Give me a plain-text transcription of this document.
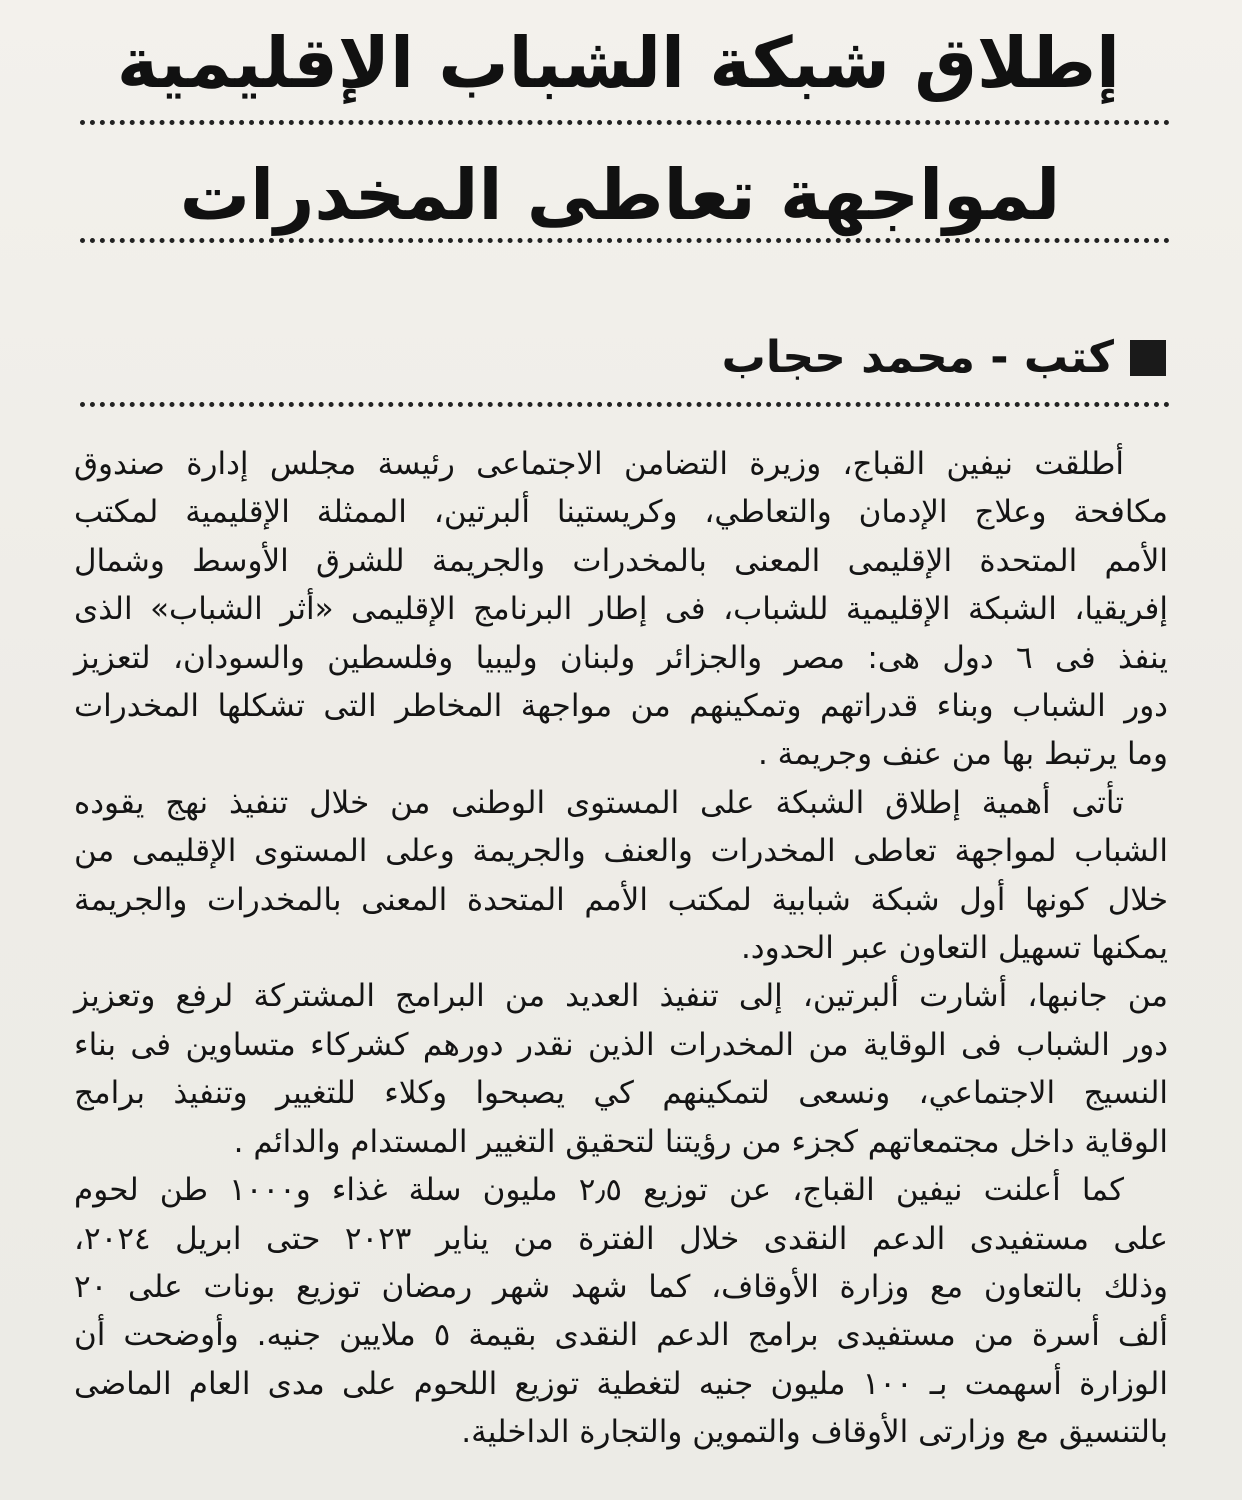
إطلاق شبكة الشباب الإقليمية
لمواجهة تعاطى المخدرات
كتب - محمد حجاب

أطلقت نيفين القباج، وزيرة التضامن الاجتماعى رئيسة مجلس إدارة صندوق
مكافحة وعلاج الإدمان والتعاطي، وكريستينا ألبرتين، الممثلة الإقليمية لمكتب
الأمم المتحدة الإقليمى المعنى بالمخدرات والجريمة للشرق الأوسط وشمال
إفريقيا، الشبكة الإقليمية للشباب، فى إطار البرنامج الإقليمى «أثر الشباب» الذى
ينفذ فى ٦ دول هى: مصر والجزائر ولبنان وليبيا وفلسطين والسودان، لتعزيز
دور الشباب وبناء قدراتهم وتمكينهم من مواجهة المخاطر التى تشكلها المخدرات
وما يرتبط بها من عنف وجريمة .

تأتى أهمية إطلاق الشبكة على المستوى الوطنى من خلال تنفيذ نهج يقوده
الشباب لمواجهة تعاطى المخدرات والعنف والجريمة وعلى المستوى الإقليمى من
خلال كونها أول شبكة شبابية لمكتب الأمم المتحدة المعنى بالمخدرات والجريمة
يمكنها تسهيل التعاون عبر الحدود.

من جانبها، أشارت ألبرتين، إلى تنفيذ العديد من البرامج المشتركة لرفع وتعزيز
دور الشباب فى الوقاية من المخدرات الذين نقدر دورهم كشركاء متساوين فى بناء
النسيج الاجتماعي، ونسعى لتمكينهم كي يصبحوا وكلاء للتغيير وتنفيذ برامج
الوقاية داخل مجتمعاتهم كجزء من رؤيتنا لتحقيق التغيير المستدام والدائم .

كما أعلنت نيفين القباج، عن توزيع ٢٫٥ مليون سلة غذاء و١٠٠٠ طن لحوم
على مستفيدى الدعم النقدى خلال الفترة من يناير ٢٠٢٣ حتى ابريل ٢٠٢٤،
وذلك بالتعاون مع وزارة الأوقاف، كما شهد شهر رمضان توزيع بونات على ٢٠
ألف أسرة من مستفيدى برامج الدعم النقدى بقيمة ٥ ملايين جنيه. وأوضحت أن
الوزارة أسهمت بـ ١٠٠ مليون جنيه لتغطية توزيع اللحوم على مدى العام الماضى
بالتنسيق مع وزارتى الأوقاف والتموين والتجارة الداخلية.
